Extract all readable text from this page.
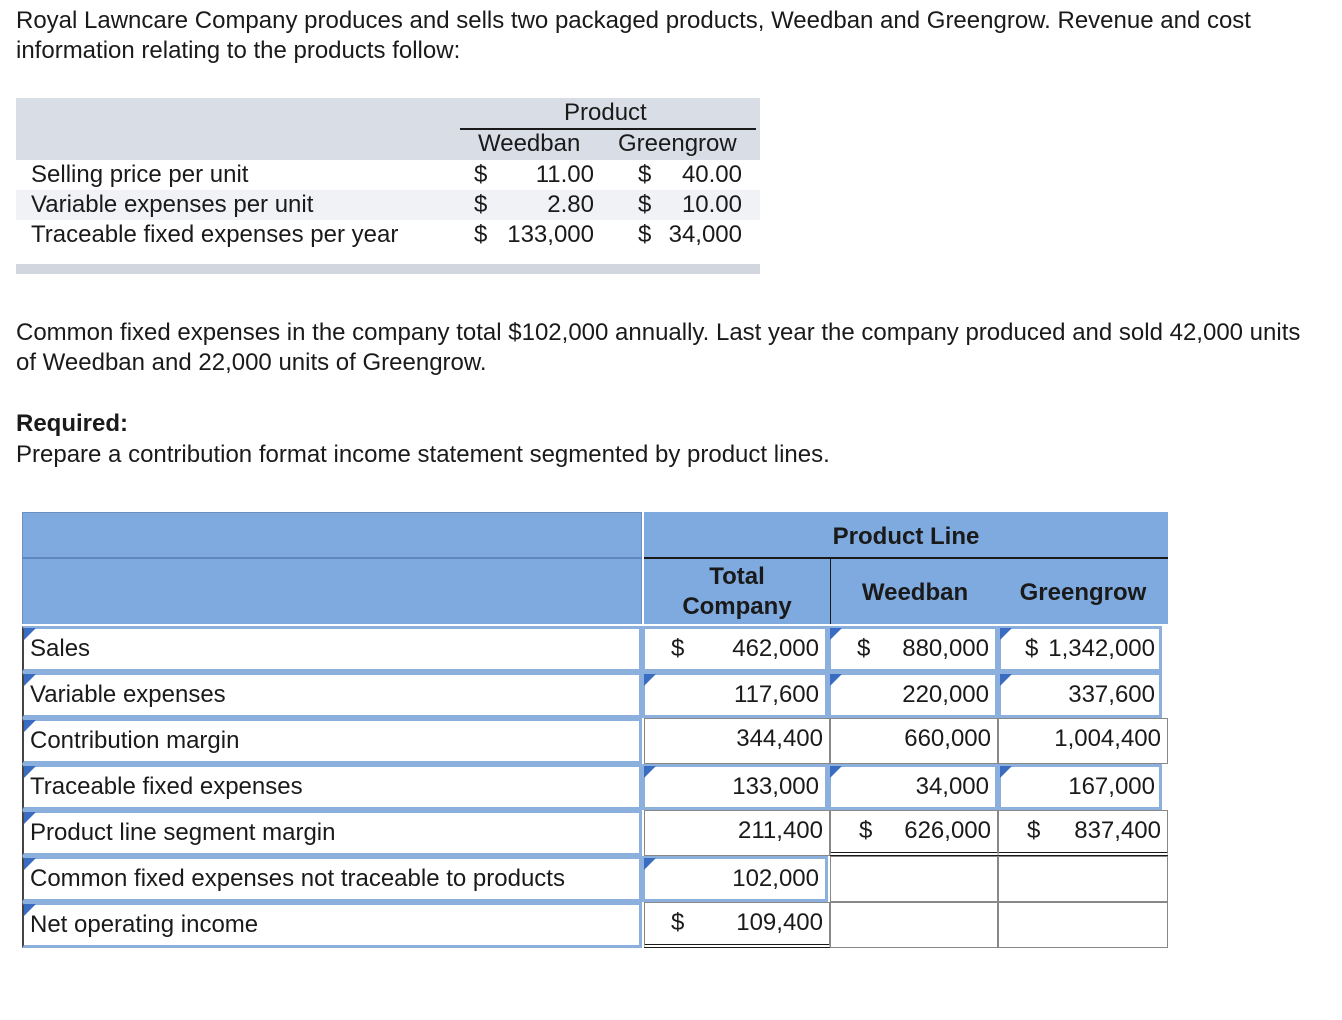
Royal Lawncare Company produces and sells two packaged products, Weedban and Greengrow. Revenue and cost information relating to the products follow:

Product
Weedban Greengrow
Selling price per unit	$	11.00 $	40.00
Variable expenses per unit	$	2.80 $	10.00
Traceable fixed expenses per year	$ 133,000 $ 34,000

Common fixed expenses in the company total $102,000 annually. Last year the company produced and sold 42,000 units of Weedban and 22,000 units of Greengrow.

Required:
Prepare a contribution format income statement segmented by product lines.
Product Line
Total Company
Weedban	Greengrow
Sales	$ 462,000	$ 880,000	$ 1,342,000
Variable expenses	117,600	220,000	337,600
Contribution margin	344,400	660,000	1,004,400
Traceable fixed expenses	133,000	34,000	167,000
Product line segment margin	211,400 $ 626,000 $ 837,400
Common fixed expenses not traceable to products	102,000
Net operating income	$ 109,400
